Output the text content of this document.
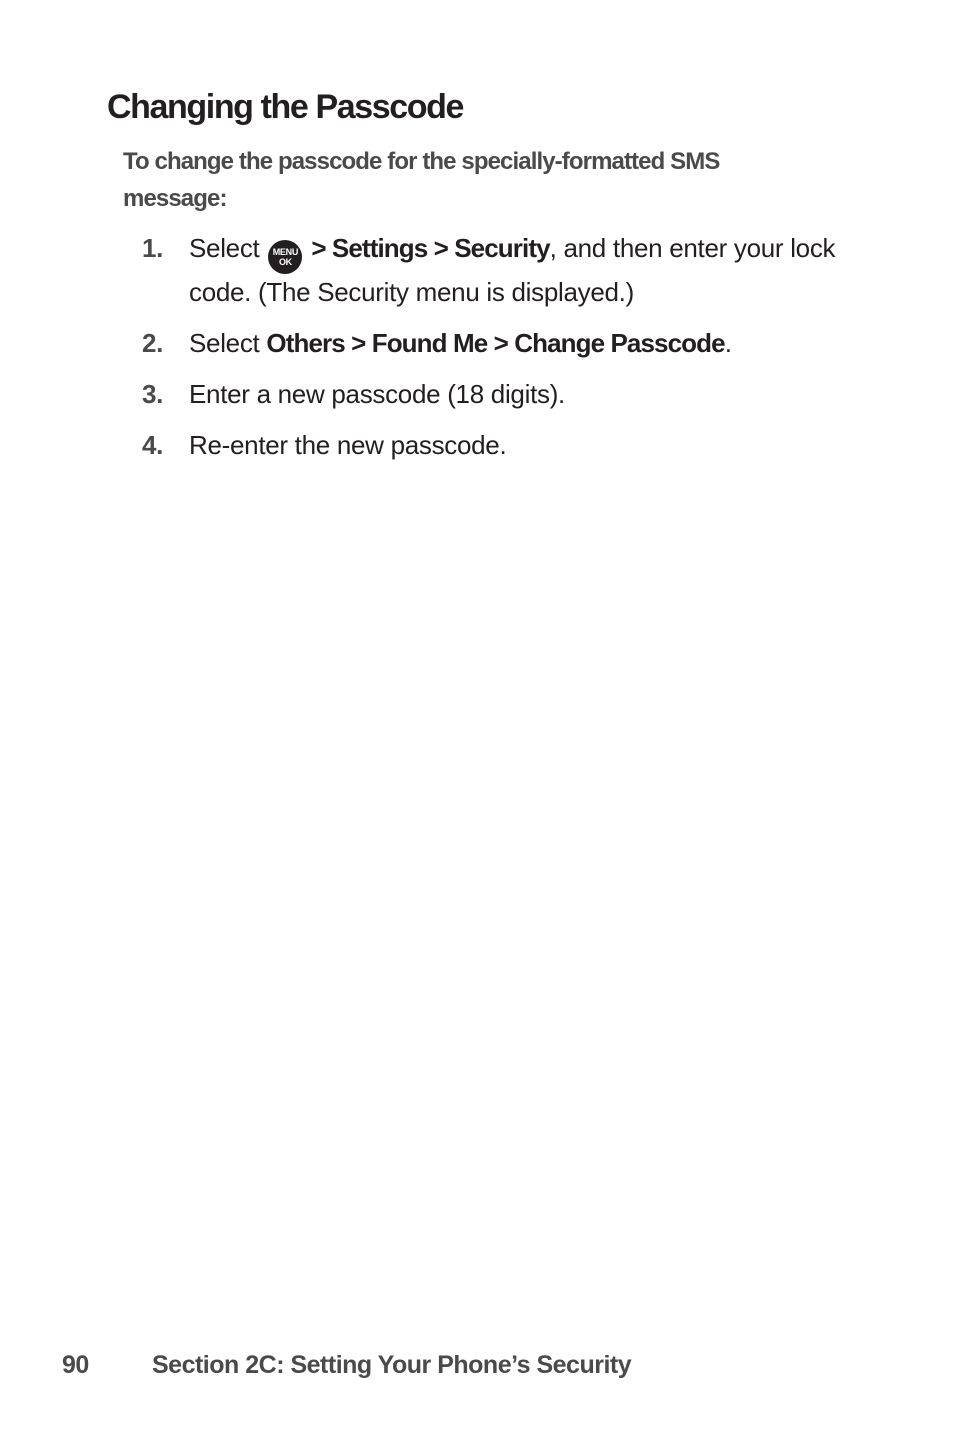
Changing the Passcode

To change the passcode for the specially-formatted SMS message:

1. Select MENU
OK > Settings > Security, and then enter your lock code. (The Security menu is displayed.)
2. Select Others > Found Me > Change Passcode.
3. Enter a new passcode (18 digits).
4. Re-enter the new passcode.
90	Section 2C: Setting Your Phone’s Security
